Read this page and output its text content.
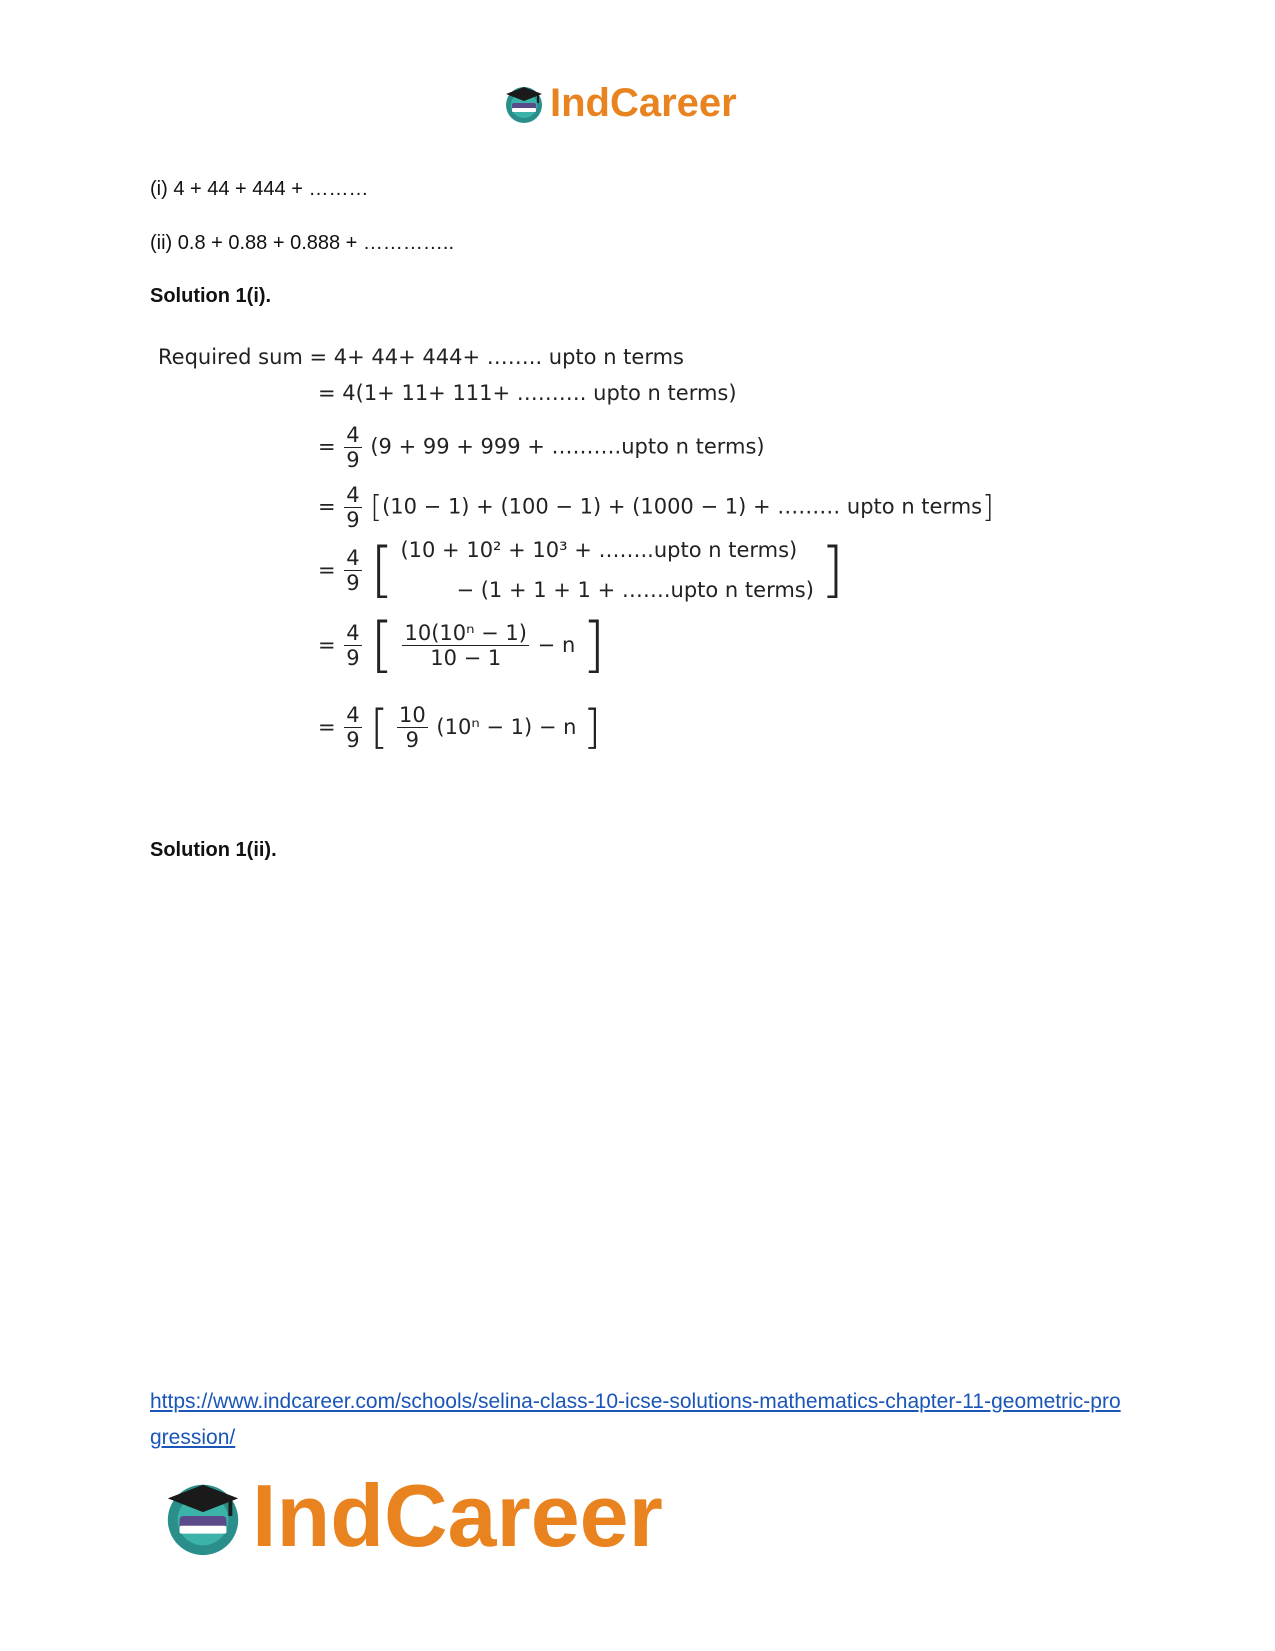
IndCareer
(i) 4 + 44 + 444 + ………
(ii) 0.8 + 0.88 + 0.888 + …………..
Solution 1(i).
Required sum = 4+ 44+ 444+ …….. upto n terms
= 4(1+ 11+ 111+ ………. upto n terms)
= $\frac{4}{9} (9 + 99 + 999$ + ……….upto n terms)
= $\frac{4}{9} [(10 - 1) + (100 - 1) + (1000 - 1)$ + ……… upto n terms]
= $\frac{4}{9}$ [ (10 + 10² + 10³ + ……..upto n terms)
− (1 + 1 + 1 + …….upto n terms) ]
= $\frac{4}{9}$ [ $\frac{\text{10(10ⁿ − 1)}}{10 - 1} - n$ ]
= $\frac{4}{9}$ [ $\frac{10}{9} (10^n - 1) - n$ ]
Solution 1(ii).
https://www.indcareer.com/schools/selina-class-10-icse-solutions-mathematics-chapter-11-geometric-progression/
IndCareer
